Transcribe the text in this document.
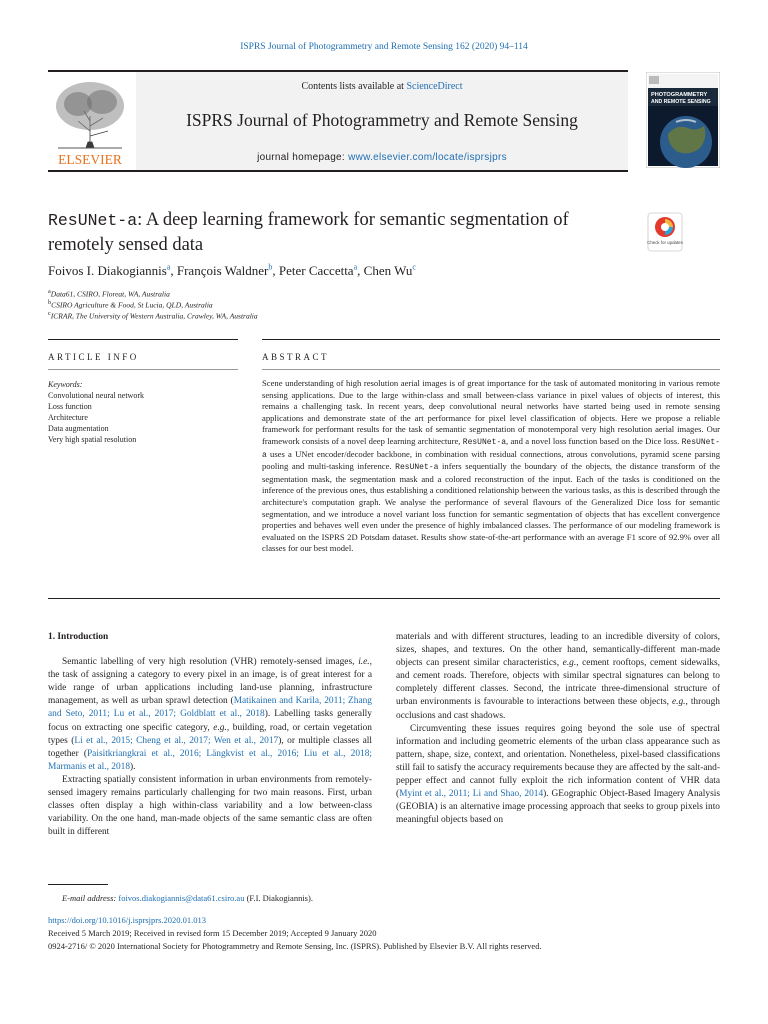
ISPRS Journal of Photogrammetry and Remote Sensing 162 (2020) 94–114
ELSEVIER
Contents lists available at ScienceDirect
ISPRS Journal of Photogrammetry and Remote Sensing
journal homepage: www.elsevier.com/locate/isprsjprs
PHOTOGRAMMETRY
AND REMOTE SENSING
ResUNet-a: A deep learning framework for semantic segmentation of remotely sensed data	Check for updates
Foivos I. Diakogiannis$^a$, François Waldner$^b$, Peter Caccetta$^a$, Chen Wu$^c$
$^a$Data61, CSIRO, Floreat, WA, Australia
$^b$CSIRO Agriculture & Food, St Lucia, QLD, Australia
$^c$ICRAR, The University of Western Australia, Crawley, WA, Australia
ARTICLE INFO	ABSTRACT
Keywords:
Convolutional neural network
Loss function
Architecture
Data augmentation
Very high spatial resolution
Scene understanding of high resolution aerial images is of great importance for the task of automated monitoring in various remote sensing applications. Due to the large within-class and small between-class variance in pixel values of objects of interest, this remains a challenging task. In recent years, deep convolutional neural networks have started being used in remote sensing applications and demonstrate state of the art performance for pixel level classification of objects. Here we propose a reliable framework for performant results for the task of semantic segmentation of monotemporal very high resolution aerial images. Our framework consists of a novel deep learning architecture, ResUNet-a, and a novel loss function based on the Dice loss. ResUNet-a uses a UNet encoder/decoder backbone, in combination with residual connections, atrous convolutions, pyramid scene parsing pooling and multi-tasking inference. ResUNet-a infers sequentially the boundary of the objects, the distance transform of the segmentation mask, the segmentation mask and a colored reconstruction of the input. Each of the tasks is conditioned on the inference of the previous ones, thus establishing a conditioned relationship between the various tasks, as this is described through the architecture's computation graph. We analyse the performance of several flavours of the Generalized Dice loss for semantic segmentation, and we introduce a novel variant loss function for semantic segmentation of objects that has excellent convergence properties and behaves well even under the presence of highly imbalanced classes. The performance of our modeling framework is evaluated on the ISPRS 2D Potsdam dataset. Results show state-of-the-art performance with an average F1 score of 92.9% over all classes for our best model.

1. Introduction

Semantic labelling of very high resolution (VHR) remotely-sensed images, i.e., the task of assigning a category to every pixel in an image, is of great interest for a wide range of urban applications including land-use planning, infrastructure management, as well as urban sprawl detection (Matikainen and Karila, 2011; Zhang and Seto, 2011; Lu et al., 2017; Goldblatt et al., 2018). Labelling tasks generally focus on extracting one specific category, e.g., building, road, or certain vegetation types (Li et al., 2015; Cheng et al., 2017; Wen et al., 2017), or multiple classes all together (Paisitkriangkrai et al., 2016; Längkvist et al., 2016; Liu et al., 2018; Marmanis et al., 2018).

Extracting spatially consistent information in urban environments from remotely-sensed imagery remains particularly challenging for two main reasons. First, urban classes often display a high within-class variability and a low between-class variability. On the one hand, man-made objects of the same semantic class are often built in different

materials and with different structures, leading to an incredible diversity of colors, sizes, shapes, and textures. On the other hand, semantically-different man-made objects can present similar characteristics, e.g., cement rooftops, cement sidewalks, and cement roads. Therefore, objects with similar spectral signatures can belong to completely different classes. Second, the intricate three-dimensional structure of urban environments is favourable to interactions between these objects, e.g., through occlusions and cast shadows.

Circumventing these issues requires going beyond the sole use of spectral information and including geometric elements of the urban class appearance such as pattern, shape, size, context, and orientation. Nonetheless, pixel-based classifications still fail to satisfy the accuracy requirements because they are affected by the salt-and-pepper effect and cannot fully exploit the rich information content of VHR data (Myint et al., 2011; Li and Shao, 2014). GEographic Object-Based Imagery Analysis (GEOBIA) is an alternative image processing approach that seeks to group pixels into meaningful objects based on

E-mail address: foivos.diakogiannis@data61.csiro.au (F.I. Diakogiannis).
https://doi.org/10.1016/j.isprsjprs.2020.01.013
Received 5 March 2019; Received in revised form 15 December 2019; Accepted 9 January 2020
0924-2716/ © 2020 International Society for Photogrammetry and Remote Sensing, Inc. (ISPRS). Published by Elsevier B.V. All rights reserved.
